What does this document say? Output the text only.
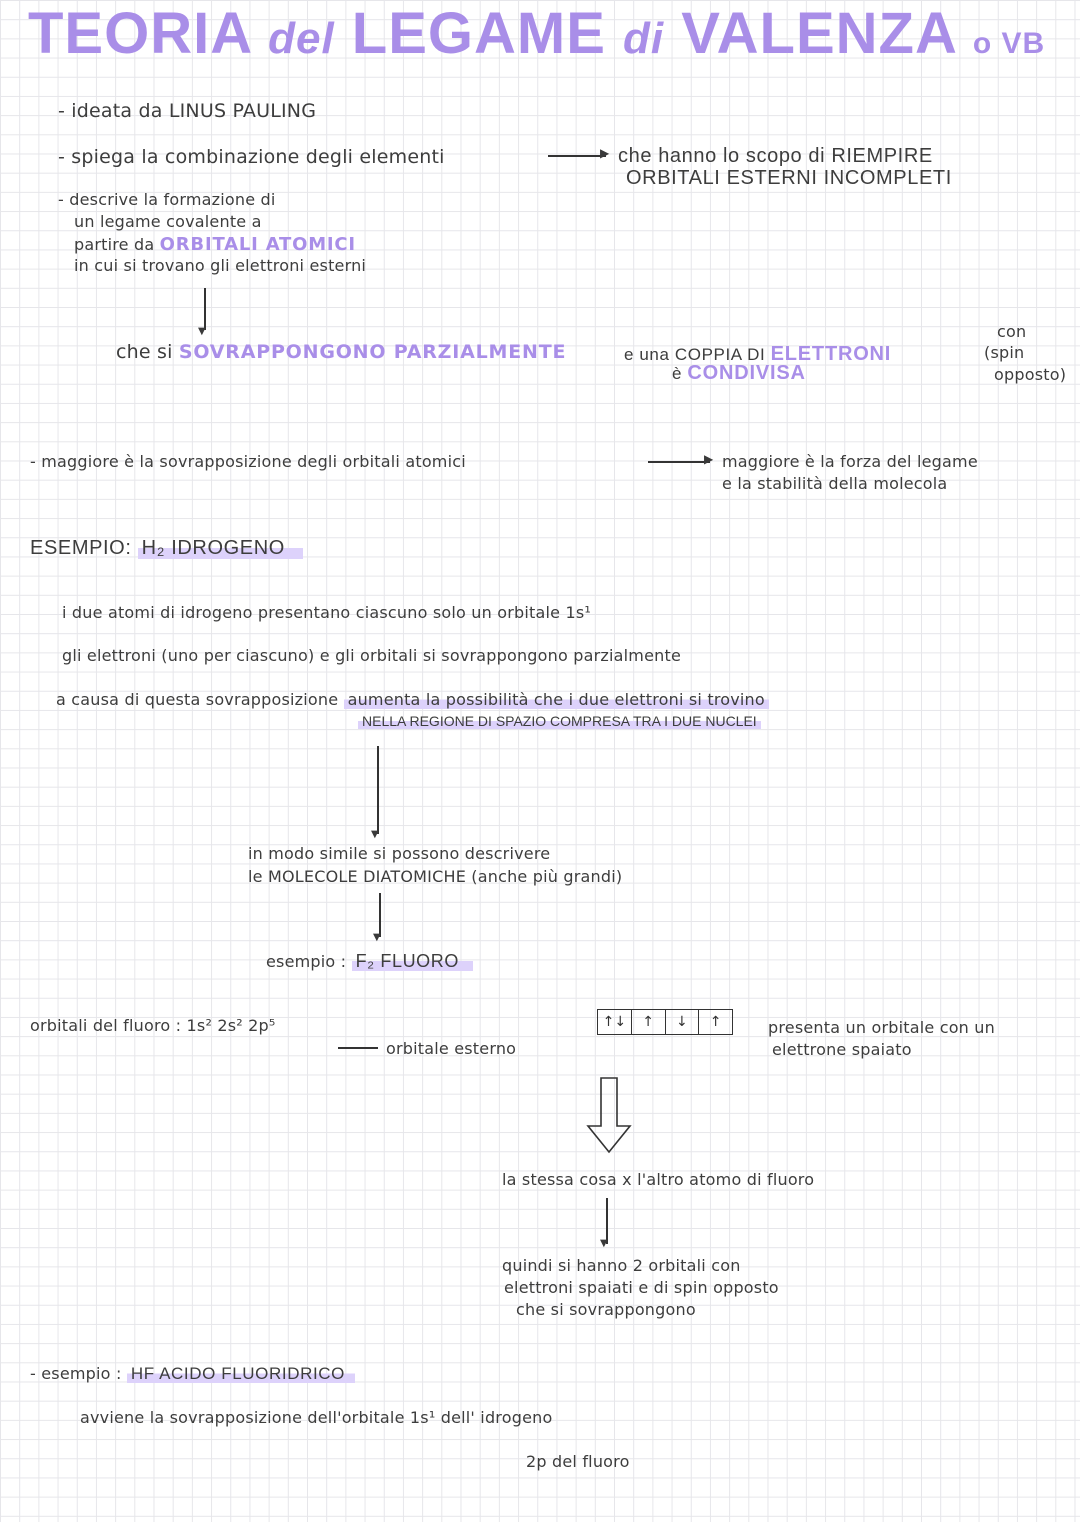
TEORIA del LEGAME di VALENZA o VB
- ideata da LINUS PAULING
- spiega la combinazione degli elementi	▶ che hanno lo scopo di RIEMPIRE
ORBITALI ESTERNI INCOMPLETI
- descrive la formazione di
un legame covalente a
partire da ORBITALI ATOMICI
in cui si trovano gli elettroni esterni
▼
che si SOVRAPPONGONO PARZIALMENTE	e una COPPIA DI ELETTRONI
è CONDIVISA
con
(spin
opposto)
- maggiore è la sovrapposizione degli orbitali atomici	▶ maggiore è la forza del legame
e la stabilità della molecola
ESEMPIO: H₂ IDROGENO
i due atomi di idrogeno presentano ciascuno solo un orbitale 1s¹
gli elettroni (uno per ciascuno) e gli orbitali si sovrappongono parzialmente
a causa di questa sovrapposizione aumenta la possibilità che i due elettroni si trovino
NELLA REGIONE DI SPAZIO COMPRESA TRA I DUE NUCLEI
▼
in modo simile si possono descrivere
le MOLECOLE DIATOMICHE (anche più grandi)
▼
esempio : F₂ FLUORO
orbitali del fluoro : 1s² 2s² 2p⁵
orbitale esterno
↑↓	↑	↓	↑	presenta un orbitale con un
elettrone spaiato
la stessa cosa x l'altro atomo di fluoro
▼
quindi si hanno 2 orbitali con
elettroni spaiati e di spin opposto
che si sovrappongono
- esempio : HF ACIDO FLUORIDRICO
avviene la sovrapposizione dell'orbitale 1s¹ dell' idrogeno
2p del fluoro
